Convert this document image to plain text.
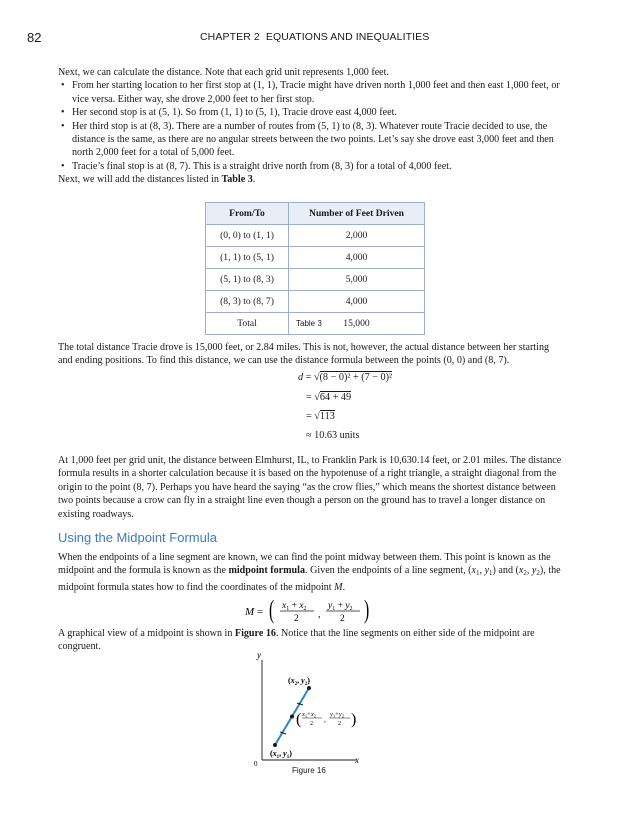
82	CHAPTER 2 EQUATIONS AND INEQUALITIES

Next, we can calculate the distance. Note that each grid unit represents 1,000 feet.

• From her starting location to her first stop at (1, 1), Tracie might have driven north 1,000 feet and then east 1,000 feet, or vice versa. Either way, she drove 2,000 feet to her first stop.
• Her second stop is at (5, 1). So from (1, 1) to (5, 1), Tracie drove east 4,000 feet.
• Her third stop is at (8, 3). There are a number of routes from (5, 1) to (8, 3). Whatever route Tracie decided to use, the distance is the same, as there are no angular streets between the two points. Let’s say she drove east 3,000 feet and then north 2,000 feet for a total of 5,000 feet.
• Tracie’s final stop is at (8, 7). This is a straight drive north from (8, 3) for a total of 4,000 feet.

Next, we will add the distances listed in Table 3.

From/To	Number of Feet Driven
(0, 0) to (1, 1)	2,000
(1, 1) to (5, 1)	4,000
(5, 1) to (8, 3)	5,000
(8, 3) to (8, 7)	4,000
Total	15,000
Table 3
The total distance Tracie drove is 15,000 feet, or 2.84 miles. This is not, however, the actual distance between her starting and ending positions. To find this distance, we can use the distance formula between the points (0, 0) and (8, 7).
d = √(8 − 0)² + (7 − 0)²
= √64 + 49
= √113
≈ 10.63 units
At 1,000 feet per grid unit, the distance between Elmhurst, IL, to Franklin Park is 10,630.14 feet, or 2.01 miles. The distance formula results in a shorter calculation because it is based on the hypotenuse of a right triangle, a straight diagonal from the origin to the point (8, 7). Perhaps you have heard the saying “as the crow flies,” which means the shortest distance between two points because a crow can fly in a straight line even though a person on the ground has to travel a longer distance on existing roadways.
Using the Midpoint Formula
When the endpoints of a line segment are known, we can find the point midway between them. This point is known as the midpoint and the formula is known as the midpoint formula. Given the endpoints of a line segment, ($x_1$, $y_1$) and ($x_2$, $y_2$), the midpoint formula states how to find the coordinates of the midpoint M.
M = ( $x_1 + x_2$
2 ,
$y_1 + y_2$
2 )
A graphical view of a midpoint is shown in Figure 16. Notice that the line segments on either side of the midpoint are congruent.
y
x
0
($x_2$, $y_2$)
($x_1$, $y_1$)
( $x_1+x_2$
2 ,
$y_1+y_2$
2 )
Figure 16
